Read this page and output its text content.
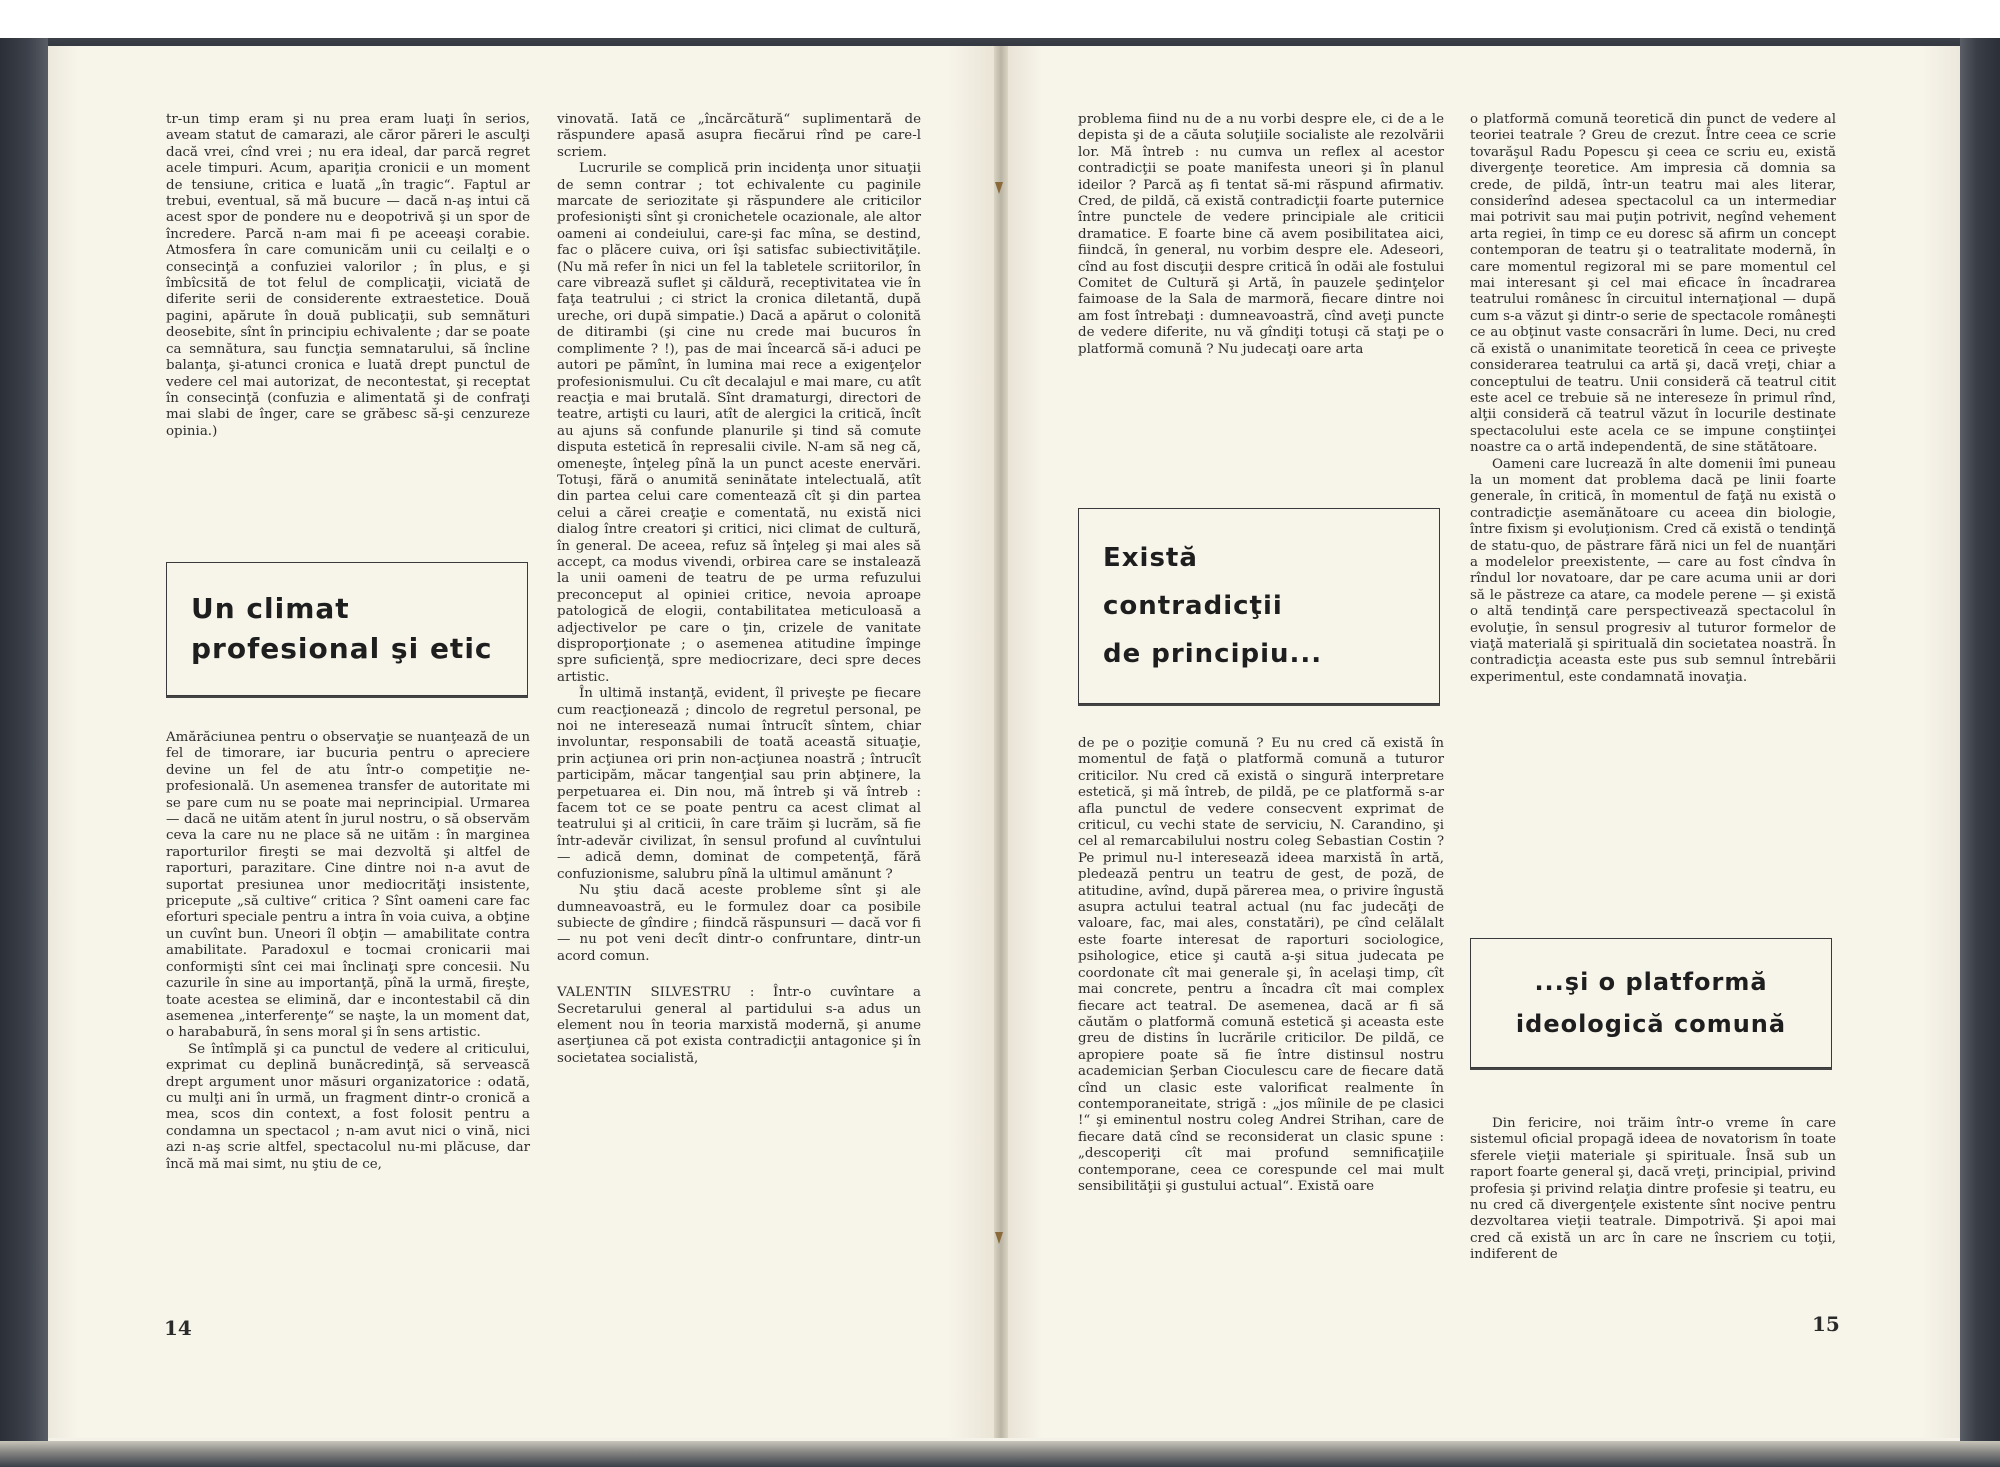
tr-un timp eram şi nu prea eram luaţi în serios, aveam statut de camarazi, ale căror păreri le asculţi dacă vrei, cînd vrei ; nu era ideal, dar parcă regret acele timpuri. Acum, apariţia cronicii e un moment de tensiune, critica e luată „în tragic“. Faptul ar trebui, eventual, să mă bucure — dacă n-aş intui că acest spor de pondere nu e deopotrivă şi un spor de încredere. Parcă n-am mai fi pe aceeaşi corabie. Atmosfera în care comunicăm unii cu ceilalţi e o consecinţă a confuziei valorilor ; în plus, e şi îmbîcsită de tot felul de complicaţii, viciată de diferite serii de considerente extraestetice. Două pagini, apărute în două publicaţii, sub semnături deosebite, sînt în principiu echivalente ; dar se poate ca semnătura, sau funcţia semnatarului, să încline balanţa, şi-atunci cronica e luată drept punctul de vedere cel mai autorizat, de necontestat, şi receptat în consecinţă (confuzia e alimentată şi de confraţi mai slabi de înger, care se grăbesc să-şi cenzureze opinia.)

Un climat
profesional şi etic

Amărăciunea pentru o observaţie se nuanţează de un fel de timorare, iar bucuria pentru o apreciere devine un fel de atu într-o competiţie ne-profesională. Un asemenea transfer de autoritate mi se pare cum nu se poate mai neprincipial. Urmarea — dacă ne uităm atent în jurul nostru, o să observăm ceva la care nu ne place să ne uităm : în marginea raporturilor fireşti se mai dezvoltă şi altfel de raporturi, parazitare. Cine dintre noi n-a avut de suportat presiunea unor mediocrităţi insistente, pricepute „să cultive“ critica ? Sînt oameni care fac eforturi speciale pentru a intra în voia cuiva, a obţine un cuvînt bun. Uneori îl obţin — amabilitate contra amabilitate. Paradoxul e tocmai cronicarii mai conformişti sînt cei mai înclinaţi spre concesii. Nu cazurile în sine au importanţă, pînă la urmă, fireşte, toate acestea se elimină, dar e incontestabil că din asemenea „interferenţe“ se naşte, la un moment dat, o harababură, în sens moral şi în sens artistic.

Se întîmplă şi ca punctul de vedere al criticului, exprimat cu deplină bunăcredinţă, să servească drept argument unor măsuri organizatorice : odată, cu mulţi ani în urmă, un fragment dintr-o cronică a mea, scos din context, a fost folosit pentru a condamna un spectacol ; n-am avut nici o vină, nici azi n-aş scrie altfel, spectacolul nu-mi plăcuse, dar încă mă mai simt, nu ştiu de ce,

vinovată. Iată ce „încărcătură“ suplimentară de răspundere apasă asupra fiecărui rînd pe care-l scriem.

Lucrurile se complică prin incidenţa unor situaţii de semn contrar ; tot echivalente cu paginile marcate de seriozitate şi răspundere ale criticilor profesionişti sînt şi cronichetele ocazionale, ale altor oameni ai condeiului, care-şi fac mîna, se destind, fac o plăcere cuiva, ori îşi satisfac subiectivităţile. (Nu mă refer în nici un fel la tabletele scriitorilor, în care vibrează suflet şi căldură, receptivitatea vie în faţa teatrului ; ci strict la cronica diletantă, după ureche, ori după simpatie.) Dacă a apărut o colonită de ditirambi (şi cine nu crede mai bucuros în complimente ? !), pas de mai încearcă să-i aduci pe autori pe pămînt, în lumina mai rece a exigenţelor profesionismului. Cu cît decalajul e mai mare, cu atît reacţia e mai brutală. Sînt dramaturgi, directori de teatre, artişti cu lauri, atît de alergici la critică, încît au ajuns să confunde planurile şi tind să comute disputa estetică în represalii civile. N-am să neg că, omeneşte, înţeleg pînă la un punct aceste enervări. Totuşi, fără o anumită seninătate intelectuală, atît din partea celui care comentează cît şi din partea celui a cărei creaţie e comentată, nu există nici dialog între creatori şi critici, nici climat de cultură, în general. De aceea, refuz să înţeleg şi mai ales să accept, ca modus vivendi, orbirea care se instalează la unii oameni de teatru de pe urma refuzului preconceput al opiniei critice, nevoia aproape patologică de elogii, contabilitatea meticuloasă a adjectivelor pe care o ţin, crizele de vanitate disproporţionate ; o asemenea atitudine împinge spre suficienţă, spre mediocrizare, deci spre deces artistic.

În ultimă instanţă, evident, îl priveşte pe fiecare cum reacţionează ; dincolo de regretul personal, pe noi ne interesează numai întrucît sîntem, chiar involuntar, responsabili de toată această situaţie, prin acţiunea ori prin non-acţiunea noastră ; întrucît participăm, măcar tangenţial sau prin abţinere, la perpetuarea ei. Din nou, mă întreb şi vă întreb : facem tot ce se poate pentru ca acest climat al teatrului şi al criticii, în care trăim şi lucrăm, să fie într-adevăr civilizat, în sensul profund al cuvîntului — adică demn, dominat de competenţă, fără confuzionisme, salubru pînă la ultimul amănunt ?

Nu ştiu dacă aceste probleme sînt şi ale dumneavoastră, eu le formulez doar ca posibile subiecte de gîndire ; fiindcă răspunsuri — dacă vor fi — nu pot veni decît dintr-o confruntare, dintr-un acord comun.

VALENTIN SILVESTRU : Într-o cuvîntare a Secretarului general al partidului s-a adus un element nou în teoria marxistă modernă, şi anume aserţiunea că pot exista contradicţii antagonice şi în societatea socialistă,

14

problema fiind nu de a nu vorbi despre ele, ci de a le depista şi de a căuta soluţiile socialiste ale rezolvării lor. Mă întreb : nu cumva un reflex al acestor contradicţii se poate manifesta uneori şi în planul ideilor ? Parcă aş fi tentat să-mi răspund afirmativ. Cred, de pildă, că există contradicţii foarte puternice între punctele de vedere principiale ale criticii dramatice. E foarte bine că avem posibilitatea aici, fiindcă, în general, nu vorbim despre ele. Adeseori, cînd au fost discuţii despre critică în odăi ale fostului Comitet de Cultură şi Artă, în pauzele şedinţelor faimoase de la Sala de marmoră, fiecare dintre noi am fost întrebaţi : dumneavoastră, cînd aveţi puncte de vedere diferite, nu vă gîndiţi totuşi că staţi pe o platformă comună ? Nu judecaţi oare arta

Există
contradicţii
de principiu...

de pe o poziţie comună ? Eu nu cred că există în momentul de faţă o platformă comună a tuturor criticilor. Nu cred că există o singură interpretare estetică, şi mă întreb, de pildă, pe ce platformă s-ar afla punctul de vedere consecvent exprimat de criticul, cu vechi state de serviciu, N. Carandino, şi cel al remarcabilului nostru coleg Sebastian Costin ? Pe primul nu-l interesează ideea marxistă în artă, pledează pentru un teatru de gest, de poză, de atitudine, avînd, după părerea mea, o privire îngustă asupra actului teatral actual (nu fac judecăţi de valoare, fac, mai ales, constatări), pe cînd celălalt este foarte interesat de raporturi sociologice, psihologice, etice şi caută a-şi situa judecata pe coordonate cît mai generale şi, în acelaşi timp, cît mai concrete, pentru a încadra cît mai complex fiecare act teatral. De asemenea, dacă ar fi să căutăm o platformă comună estetică şi aceasta este greu de distins în lucrările criticilor. De pildă, ce apropiere poate să fie între distinsul nostru academician Şerban Cioculescu care de fiecare dată cînd un clasic este valorificat realmente în contemporaneitate, strigă : „jos mîinile de pe clasici !“ şi eminentul nostru coleg Andrei Strihan, care de fiecare dată cînd se reconsiderat un clasic spune : „descoperiţi cît mai profund semnificaţiile contemporane, ceea ce corespunde cel mai mult sensibilităţii şi gustului actual“. Există oare

o platformă comună teoretică din punct de vedere al teoriei teatrale ? Greu de crezut. Între ceea ce scrie tovarăşul Radu Popescu şi ceea ce scriu eu, există divergenţe teoretice. Am impresia că domnia sa crede, de pildă, într-un teatru mai ales literar, considerînd adesea spectacolul ca un intermediar mai potrivit sau mai puţin potrivit, negînd vehement arta regiei, în timp ce eu doresc să afirm un concept contemporan de teatru şi o teatralitate modernă, în care momentul regizoral mi se pare momentul cel mai interesant şi cel mai eficace în încadrarea teatrului românesc în circuitul internaţional — după cum s-a văzut şi dintr-o serie de spectacole româneşti ce au obţinut vaste consacrări în lume. Deci, nu cred că există o unanimitate teoretică în ceea ce priveşte considerarea teatrului ca artă şi, dacă vreţi, chiar a conceptului de teatru. Unii consideră că teatrul citit este acel ce trebuie să ne intereseze în primul rînd, alţii consideră că teatrul văzut în locurile destinate spectacolului este acela ce se impune conştiinţei noastre ca o artă independentă, de sine stătătoare.

Oameni care lucrează în alte domenii îmi puneau la un moment dat problema dacă pe linii foarte generale, în critică, în momentul de faţă nu există o contradicţie asemănătoare cu aceea din biologie, între fixism şi evoluţionism. Cred că există o tendinţă de statu-quo, de păstrare fără nici un fel de nuanţări a modelelor preexistente, — care au fost cîndva în rîndul lor novatoare, dar pe care acuma unii ar dori să le păstreze ca atare, ca modele perene — şi există o altă tendinţă care perspectivează spectacolul în evoluţie, în sensul progresiv al tuturor formelor de viaţă materială şi spirituală din societatea noastră. În contradicţia aceasta este pus sub semnul întrebării experimentul, este condamnată inovaţia.

...şi o platformă
ideologică comună

Din fericire, noi trăim într-o vreme în care sistemul oficial propagă ideea de novatorism în toate sferele vieţii materiale şi spirituale. Însă sub un raport foarte general şi, dacă vreţi, principial, privind profesia şi privind relaţia dintre profesie şi teatru, eu nu cred că divergenţele existente sînt nocive pentru dezvoltarea vieţii teatrale. Dimpotrivă. Şi apoi mai cred că există un arc în care ne înscriem cu toţii, indiferent de

15
